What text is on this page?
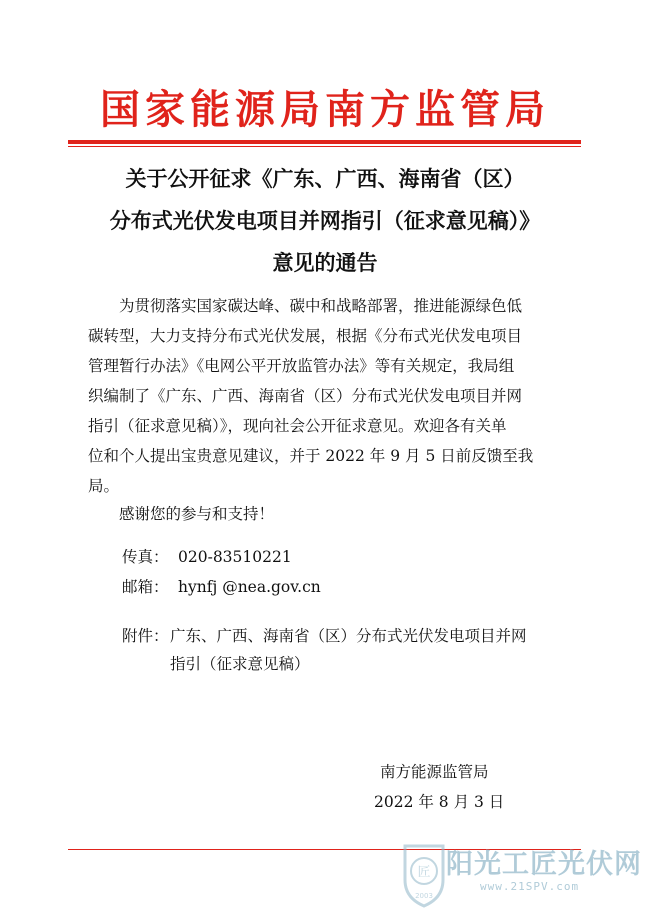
国家能源局南方监管局
关于公开征求《广东、广西、海南省（区）
分布式光伏发电项目并网指引（征求意见稿）》
意见的通告
　　为贯彻落实国家碳达峰、碳中和战略部署，推进能源绿色低
碳转型，大力支持分布式光伏发展，根据《分布式光伏发电项目
管理暂行办法》《电网公平开放监管办法》等有关规定，我局组
织编制了《广东、广西、海南省（区）分布式光伏发电项目并网
指引（征求意见稿）》，现向社会公开征求意见。欢迎各有关单
位和个人提出宝贵意见建议，并于 2022 年 9 月 5 日前反馈至我
局。
　　感谢您的参与和支持！
传真： 020-83510221
邮箱： hynfj @nea.gov.cn
附件： 广东、广西、海南省（区）分布式光伏发电项目并网
指引（征求意见稿）
南方能源监管局
2022 年 8 月 3 日
匠
2003
阳光工匠光伏网
www.21SPV.com
